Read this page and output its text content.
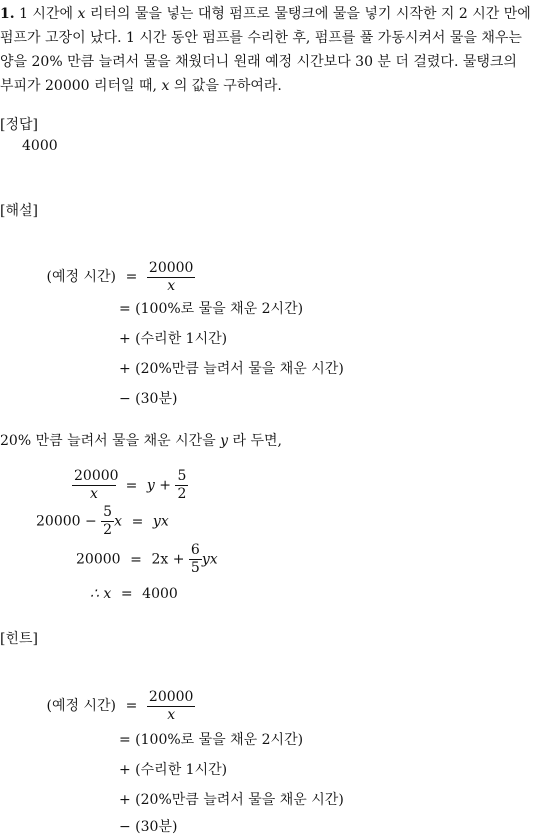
1. 1 시간에 x 리터의 물을 넣는 대형 펌프로 물탱크에 물을 넣기 시작한 지 2 시간 만에 펌프가 고장이 났다. 1 시간 동안 펌프를 수리한 후, 펌프를 풀 가동시켜서 물을 채우는 양을 20% 만큼 늘려서 물을 채웠더니 원래 예정 시간보다 30 분 더 걸렸다. 물탱크의 부피가 20000 리터일 때, x 의 값을 구하여라.
[정답]
4000
[해설]
(예정 시간) = $\frac{20000}{x}$
= (100%로 물을 채운 2시간)
+ (수리한 1시간)
+ (20%만큼 늘려서 물을 채운 시간)
− (30분)
20% 만큼 늘려서 물을 채운 시간을 y 라 두면,
$\frac{20000}{x} = y + \frac{5}{2}$
$20000 - \frac{5}{2}$ x = yx
$20000 = 2x + \frac{6}{5}$ yx
∴ x = 4000
[힌트]
(예정 시간) = $\frac{20000}{x}$
= (100%로 물을 채운 2시간)
+ (수리한 1시간)
+ (20%만큼 늘려서 물을 채운 시간)
− (30분)
